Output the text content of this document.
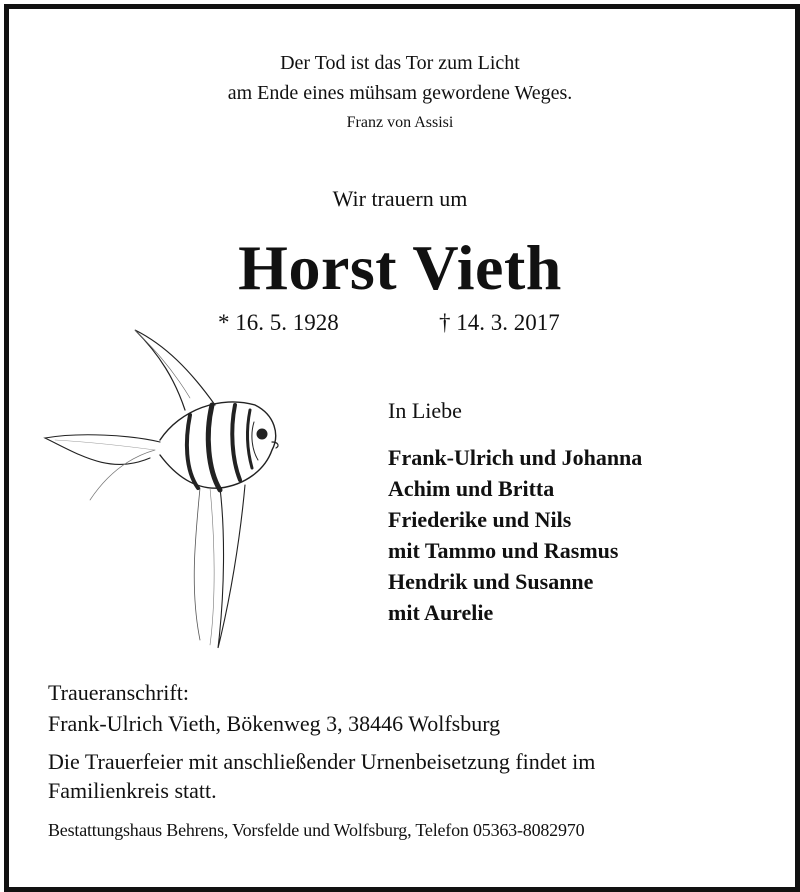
Der Tod ist das Tor zum Licht
am Ende eines mühsam gewordene Weges.
Franz von Assisi
Wir trauern um
Horst Vieth
* 16. 5. 1928	† 14. 3. 2017
In Liebe
Frank-Ulrich und Johanna
Achim und Britta
Friederike und Nils
mit Tammo und Rasmus
Hendrik und Susanne
mit Aurelie
Traueranschrift:
Frank-Ulrich Vieth, Bökenweg 3, 38446 Wolfsburg
Die Trauerfeier mit anschließender Urnenbeisetzung findet im
Familienkreis statt.
Bestattungshaus Behrens, Vorsfelde und Wolfsburg, Telefon 05363-8082970
